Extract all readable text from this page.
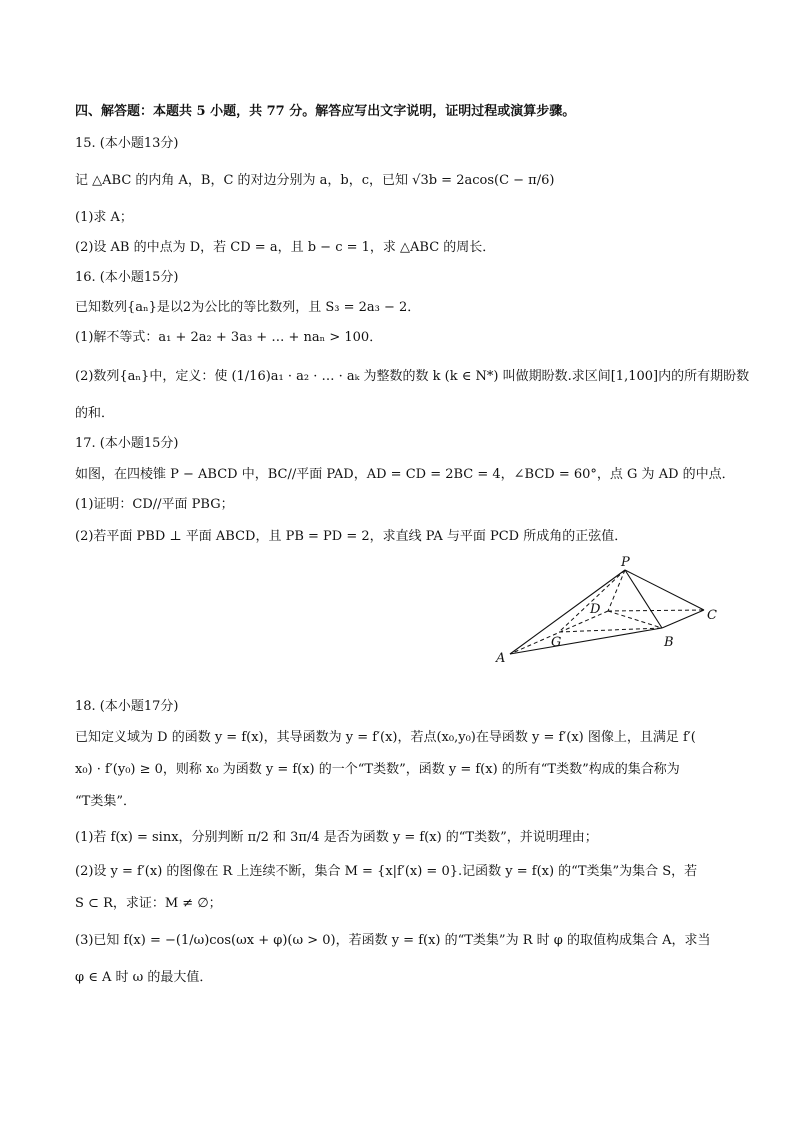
四、解答题：本题共 5 小题，共 77 分。解答应写出文字说明，证明过程或演算步骤。
15. (本小题13分)
记 △ABC 的内角 A，B，C 的对边分别为 a，b，c，已知 √3b = 2acos(C − π/6)
(1)求 A；
(2)设 AB 的中点为 D，若 CD = a，且 b − c = 1，求 △ABC 的周长．
16. (本小题15分)
已知数列{aₙ}是以2为公比的等比数列，且 S₃ = 2a₃ − 2．
(1)解不等式：a₁ + 2a₂ + 3a₃ + … + naₙ > 100．
(2)数列{aₙ}中，定义：使 (1/16)a₁ · a₂ · … · aₖ 为整数的数 k (k ∈ N*) 叫做期盼数.求区间[1,100]内的所有期盼数
的和．
17. (本小题15分)
如图，在四棱锥 P − ABCD 中，BC//平面 PAD，AD = CD = 2BC = 4，∠BCD = 60°，点 G 为 AD 的中点．
(1)证明：CD//平面 PBG；
(2)若平面 PBD ⊥ 平面 ABCD，且 PB = PD = 2，求直线 PA 与平面 PCD 所成角的正弦值．
P
D	C
G	B
A
18. (本小题17分)
已知定义域为 D 的函数 y = f(x)，其导函数为 y = f′(x)，若点(x₀,y₀)在导函数 y = f′(x) 图像上，且满足 f′(
x₀) · f′(y₀) ≥ 0，则称 x₀ 为函数 y = f(x) 的一个“T类数”，函数 y = f(x) 的所有“T类数”构成的集合称为
“T类集”．
(1)若 f(x) = sinx，分别判断 π/2 和 3π/4 是否为函数 y = f(x) 的“T类数”，并说明理由；
(2)设 y = f′(x) 的图像在 R 上连续不断，集合 M = {x|f′(x) = 0}.记函数 y = f(x) 的“T类集”为集合 S，若
S ⊂ R，求证：M ≠ ∅；
(3)已知 f(x) = −(1/ω)cos(ωx + φ)(ω > 0)，若函数 y = f(x) 的“T类集”为 R 时 φ 的取值构成集合 A，求当
φ ∈ A 时 ω 的最大值．
